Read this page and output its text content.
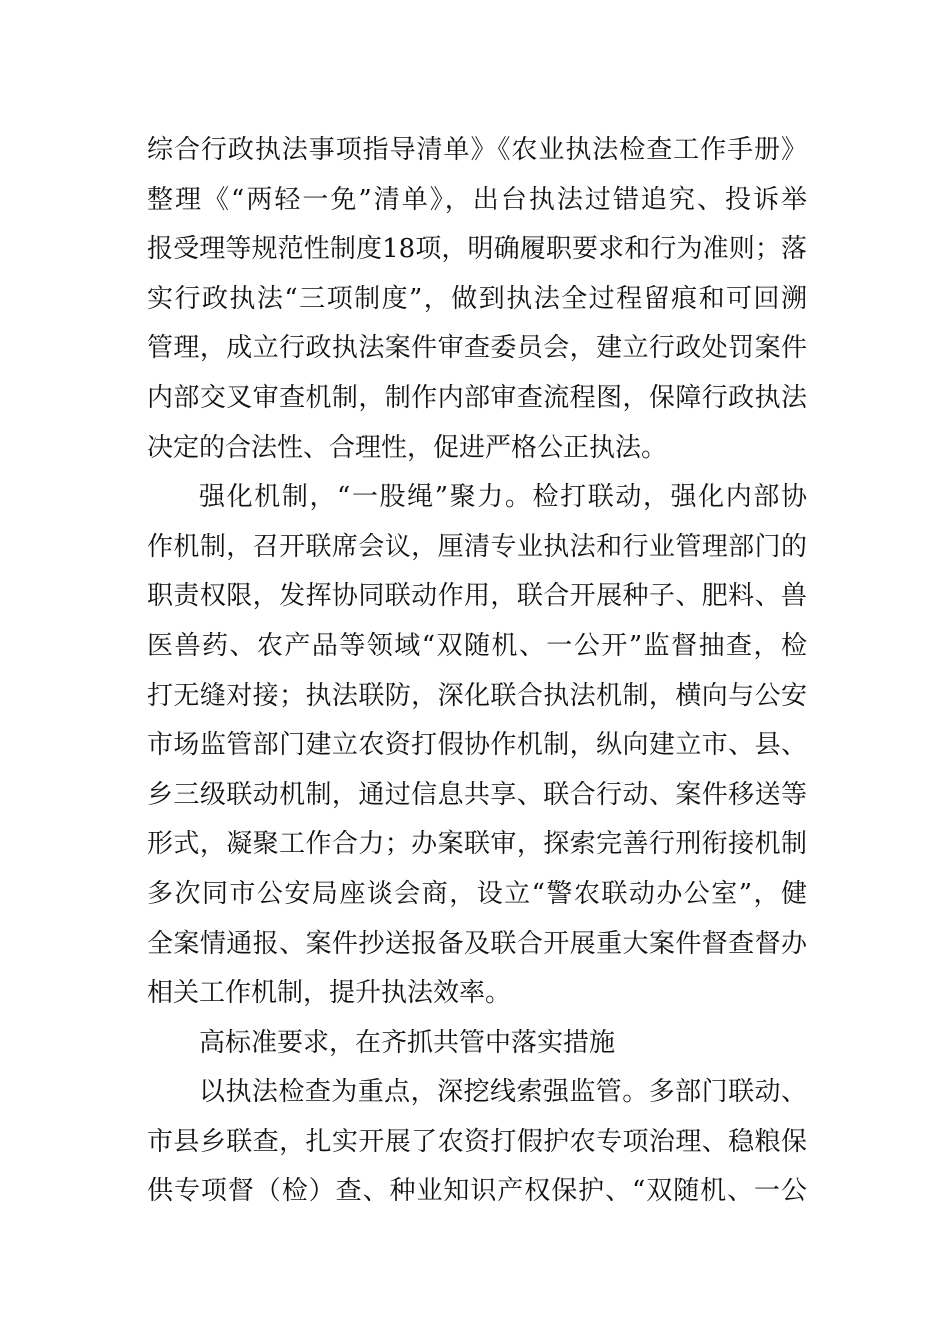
综合行政执法事项指导清单》《农业执法检查工作手册》
整理《“两轻一免”清单》，出台执法过错追究、投诉举
报受理等规范性制度18项，明确履职要求和行为准则；落
实行政执法“三项制度”，做到执法全过程留痕和可回溯
管理，成立行政执法案件审查委员会，建立行政处罚案件
内部交叉审查机制，制作内部审查流程图，保障行政执法
决定的合法性、合理性，促进严格公正执法。
强化机制，“一股绳”聚力。检打联动，强化内部协
作机制，召开联席会议，厘清专业执法和行业管理部门的
职责权限，发挥协同联动作用，联合开展种子、肥料、兽
医兽药、农产品等领域“双随机、一公开”监督抽查，检
打无缝对接；执法联防，深化联合执法机制，横向与公安
市场监管部门建立农资打假协作机制，纵向建立市、县、
乡三级联动机制，通过信息共享、联合行动、案件移送等
形式，凝聚工作合力；办案联审，探索完善行刑衔接机制
多次同市公安局座谈会商，设立“警农联动办公室”，健
全案情通报、案件抄送报备及联合开展重大案件督查督办
相关工作机制，提升执法效率。
高标准要求，在齐抓共管中落实措施
以执法检查为重点，深挖线索强监管。多部门联动、
市县乡联查，扎实开展了农资打假护农专项治理、稳粮保
供专项督（检）查、种业知识产权保护、“双随机、一公
